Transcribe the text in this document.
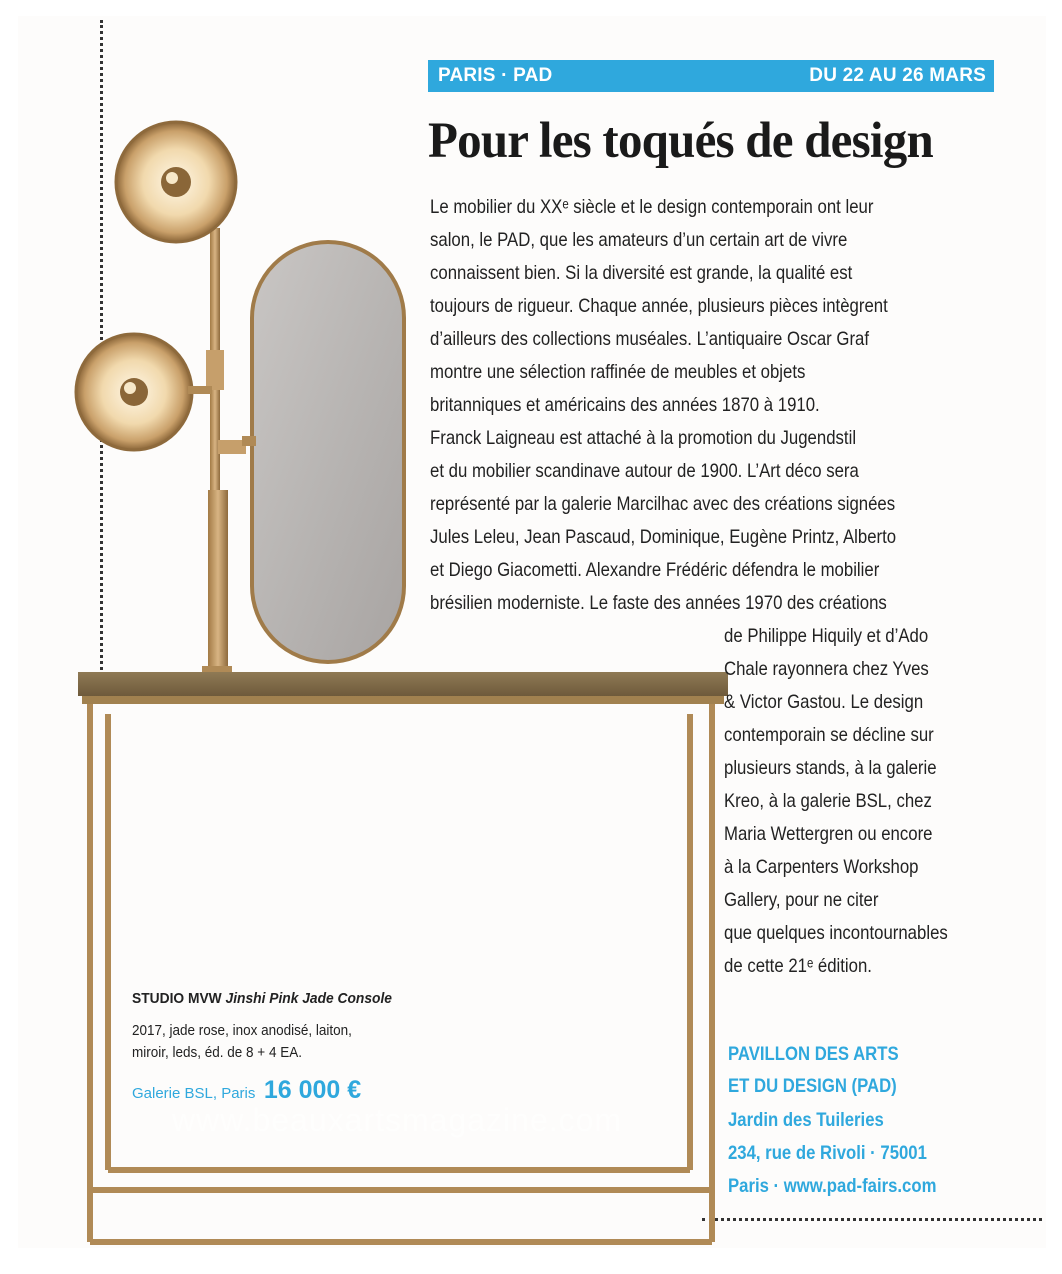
www.beauxartsmagazine.com
PARIS · PAD	DU 22 AU 26 MARS
Pour les toqués de design
Le mobilier du XXᵉ siècle et le design contemporain ont leur
salon, le PAD, que les amateurs d’un certain art de vivre
connaissent bien. Si la diversité est grande, la qualité est
toujours de rigueur. Chaque année, plusieurs pièces intègrent
d’ailleurs des collections muséales. L’antiquaire Oscar Graf
montre une sélection raffinée de meubles et objets
britanniques et américains des années 1870 à 1910.
Franck Laigneau est attaché à la promotion du Jugendstil
et du mobilier scandinave autour de 1900. L’Art déco sera
représenté par la galerie Marcilhac avec des créations signées
Jules Leleu, Jean Pascaud, Dominique, Eugène Printz, Alberto
et Diego Giacometti. Alexandre Frédéric défendra le mobilier
brésilien moderniste. Le faste des années 1970 des créations
de Philippe Hiquily et d’Ado
Chale rayonnera chez Yves
& Victor Gastou. Le design
contemporain se décline sur
plusieurs stands, à la galerie
Kreo, à la galerie BSL, chez
Maria Wettergren ou encore
à la Carpenters Workshop
Gallery, pour ne citer
que quelques incontournables
de cette 21ᵉ édition.
STUDIO MVW Jinshi Pink Jade Console
2017, jade rose, inox anodisé, laiton,
miroir, leds, éd. de 8 + 4 EA.
Galerie BSL, Paris 16 000 €
PAVILLON DES ARTS
ET DU DESIGN (PAD)
Jardin des Tuileries
234, rue de Rivoli · 75001
Paris · www.pad-fairs.com
